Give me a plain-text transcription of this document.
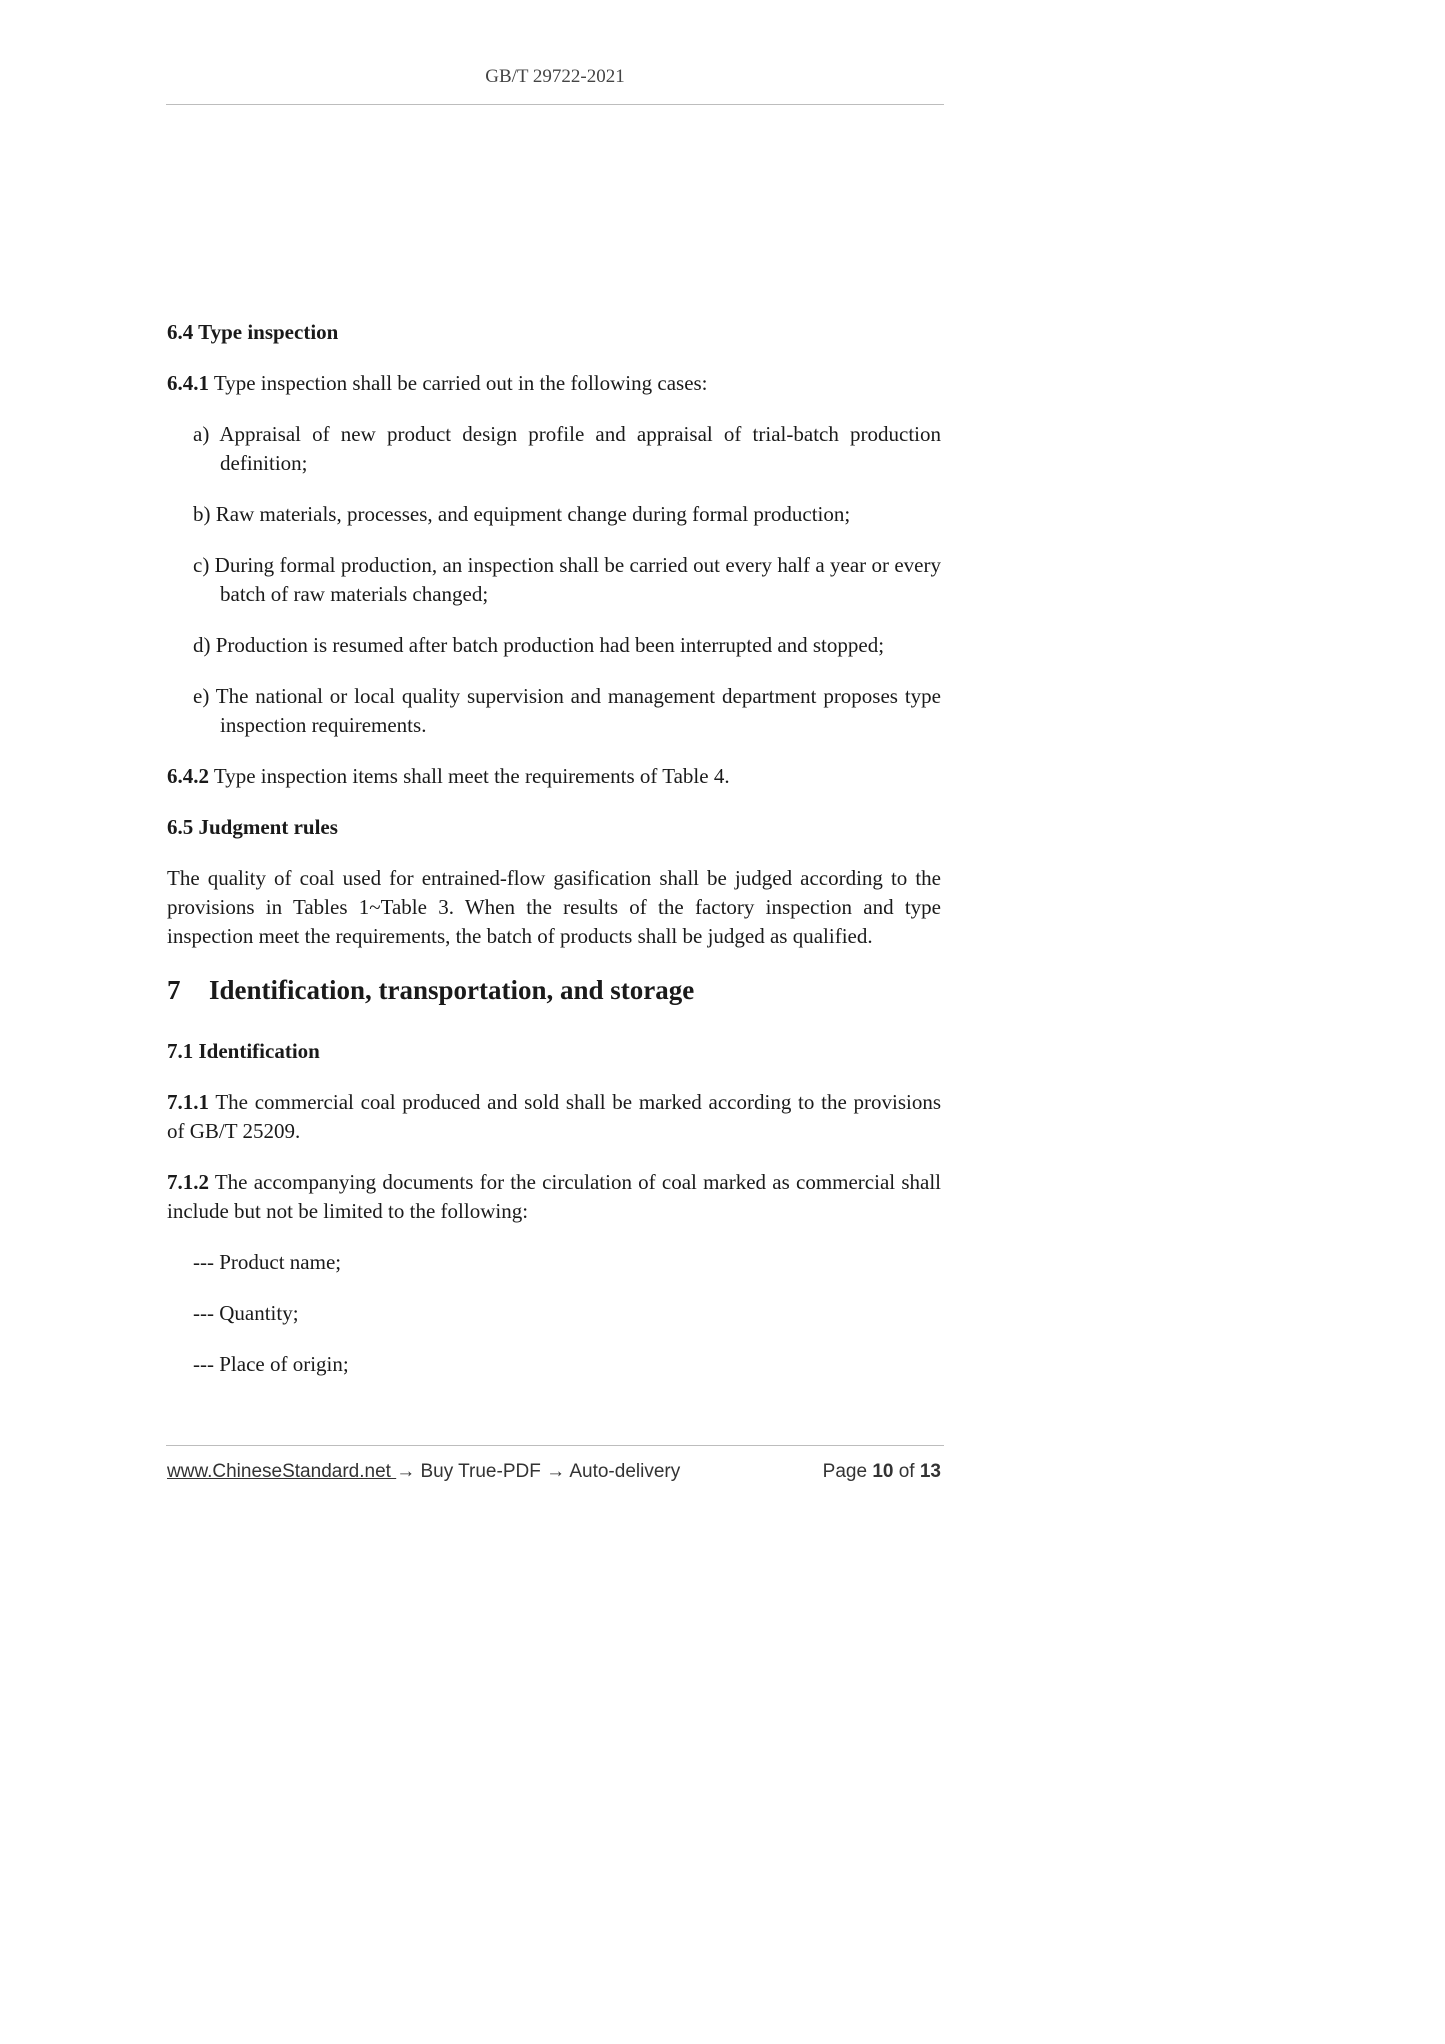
GB/T 29722-2021

6.4 Type inspection

6.4.1 Type inspection shall be carried out in the following cases:

a) Appraisal of new product design profile and appraisal of trial-batch production definition;

b) Raw materials, processes, and equipment change during formal production;

c) During formal production, an inspection shall be carried out every half a year or every batch of raw materials changed;

d) Production is resumed after batch production had been interrupted and stopped;

e) The national or local quality supervision and management department proposes type inspection requirements.

6.4.2 Type inspection items shall meet the requirements of Table 4.

6.5 Judgment rules

The quality of coal used for entrained-flow gasification shall be judged according to the provisions in Tables 1~Table 3. When the results of the factory inspection and type inspection meet the requirements, the batch of products shall be judged as qualified.

7 Identification, transportation, and storage

7.1 Identification

7.1.1 The commercial coal produced and sold shall be marked according to the provisions of GB/T 25209.

7.1.2 The accompanying documents for the circulation of coal marked as commercial shall include but not be limited to the following:

--- Product name;

--- Quantity;

--- Place of origin;

www.ChineseStandard.net → Buy True-PDF → Auto-delivery	Page 10 of 13
